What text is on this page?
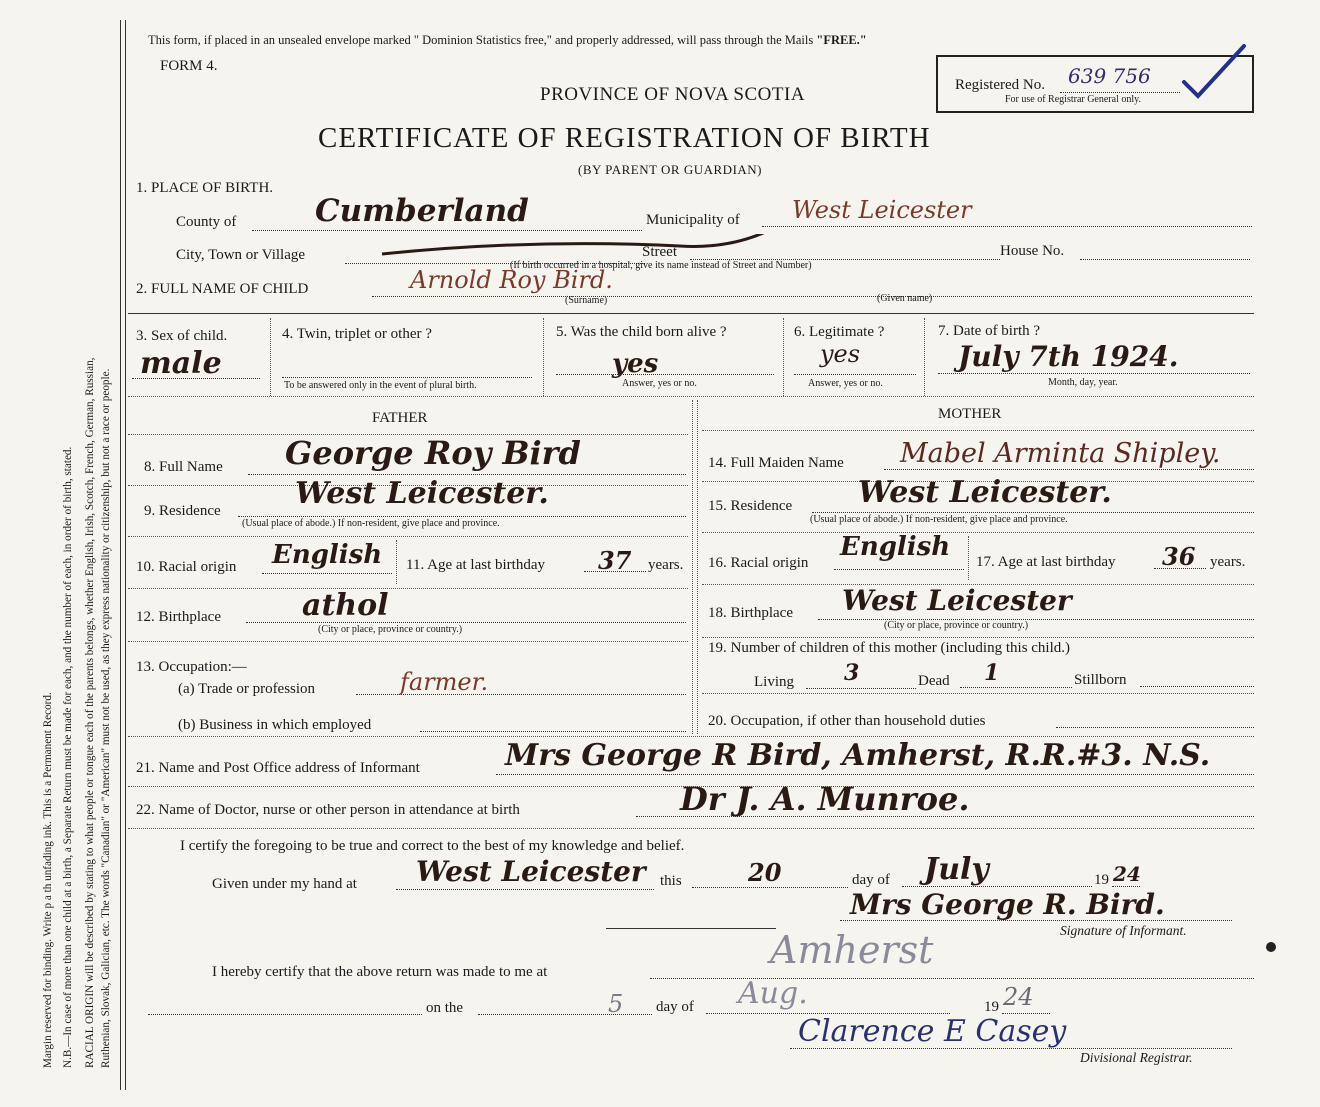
Margin reserved for binding. Write p a th unfading ink. This is a Permanent Record. N.B.—In case of more than one child at a birth, a Separate Return must be made for each, and the number of each, in order of birth, stated. RACIAL ORIGIN will be described by stating to what people or tongue each of the parents belongs, whether English, Irish, Scotch, French, German, Russian, Ruthenian, Slovak, Galician, etc. The words "Canadian" or "American" must not be used, as they express nationality or citizenship, but not a race or people.
This form, if placed in an unsealed envelope marked " Dominion Statistics free," and properly addressed, will pass through the Mails "FREE."
FORM 4.
PROVINCE OF NOVA SCOTIA
CERTIFICATE OF REGISTRATION OF BIRTH
(BY PARENT OR GUARDIAN)
Registered No. 639 756
For use of Registrar General only.
1. PLACE OF BIRTH.
County of	Cumberland	Municipality of West Leicester
City, Town or Village	Street	House No.
(If birth occurred in a hospital, give its name instead of Street and Number)
2. FULL NAME OF CHILD	Arnold Roy Bird.
(Surname)	(Given name)
3. Sex of child.
male
4. Twin, triplet or other ?
To be answered only in the event of plural birth.
5. Was the child born alive ?
yes
Answer, yes or no.
6. Legitimate ?
yes
Answer, yes or no.
7. Date of birth ?
July 7th 1924.
Month, day, year.
FATHER	MOTHER
8. Full Name George Roy Bird
9. Residence West Leicester.
(Usual place of abode.) If non-resident, give place and province.
10. Racial origin English 11. Age at last birthday 37 years.
12. Birthplace	athol
(City or place, province or country.)
13. Occupation:—
(a) Trade or profession	farmer.
(b) Business in which employed
14. Full Maiden Name Mabel Arminta Shipley.
15. Residence West Leicester.
(Usual place of abode.) If non-resident, give place and province.
16. Racial origin
English 17. Age at last birthday 36 years.
18. Birthplace West Leicester
(City or place, province or country.)
19. Number of children of this mother (including this child.)
Living 3	Dead 1	Stillborn
20. Occupation, if other than household duties
21. Name and Post Office address of Informant	Mrs George R Bird, Amherst, R.R.#3. N.S.
22. Name of Doctor, nurse or other person in attendance at birth	Dr J. A. Munroe.
I certify the foregoing to be true and correct to the best of my knowledge and belief.
Given under my hand at West Leicester this	20	day of July	19 24
Mrs George R. Bird.
Signature of Informant.
I hereby certify that the above return was made to me at	Amherst
on the	5 day of Aug.	19 24
Clarence E Casey
Divisional Registrar.
